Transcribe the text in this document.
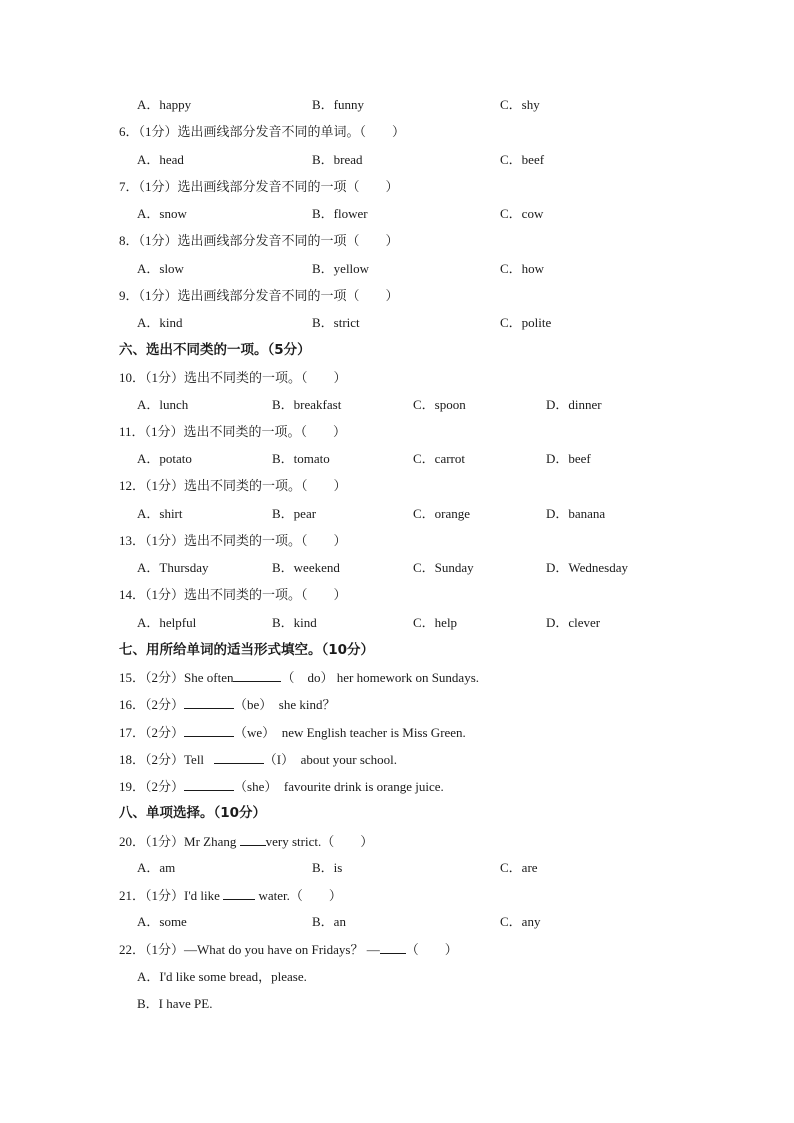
A．happy	B．funny	C．shy
6．（1分）选出画线部分发音不同的单词。（　　）
A．head	B．bread	C．beef
7．（1分）选出画线部分发音不同的一项（　　）
A．snow	B．flower	C．cow
8．（1分）选出画线部分发音不同的一项（　　）
A．slow	B．yellow	C．how
9．（1分）选出画线部分发音不同的一项（　　）
A．kind	B．strict	C．polite
六、选出不同类的一项。（5分）
10．（1分）选出不同类的一项。（　　）
A．lunch	B．breakfast	C．spoon	D．dinner
11．（1分）选出不同类的一项。（　　）
A．potato	B．tomato	C．carrot	D．beef
12．（1分）选出不同类的一项。（　　）
A．shirt	B．pear	C．orange	D．banana
13．（1分）选出不同类的一项。（　　）
A．Thursday	B．weekend	C．Sunday	D．Wednesday
14．（1分）选出不同类的一项。（　　）
A．helpful	B．kind	C．help	D．clever
七、用所给单词的适当形式填空。（10分）
15．（2分）She often	（　do） her homework on Sundays.
16．（2分）	（be） she kind？
17．（2分）	（we） new English teacher is Miss Green.
18．（2分）Tell	（I） about your school.
19．（2分）	（she） favourite drink is orange juice.
八、单项选择。（10分）
20．（1分）Mr Zhang very strict.（　　）
A．am	B．is	C．are
21．（1分）I'd like	water.（　　）
A．some	B．an	C．any
22．（1分）—What do you have on Fridays？ — （　　）
A．I'd like some bread，please.
B．I have PE.
